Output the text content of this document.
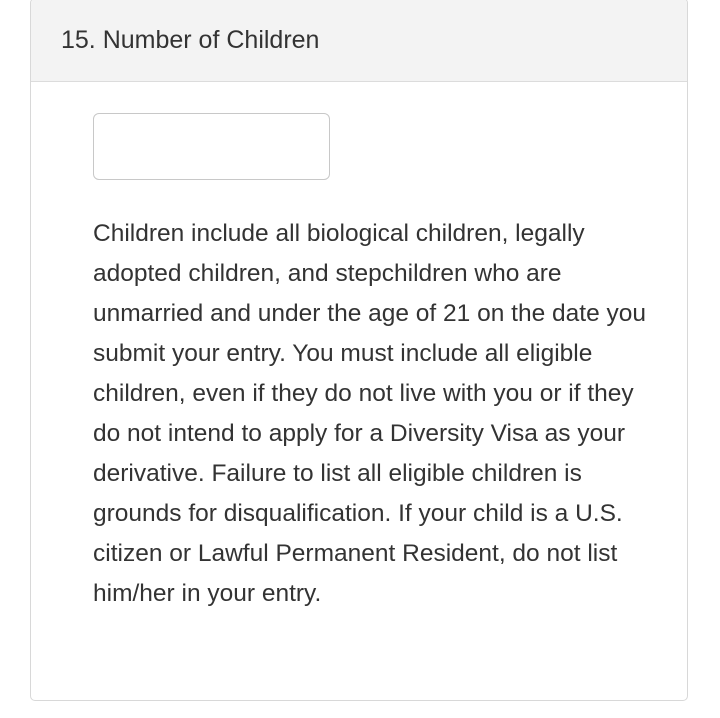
15. Number of Children

Children include all biological children, legally adopted children, and stepchildren who are unmarried and under the age of 21 on the date you submit your entry. You must include all eligible children, even if they do not live with you or if they do not intend to apply for a Diversity Visa as your derivative. Failure to list all eligible children is grounds for disqualification. If your child is a U.S. citizen or Lawful Permanent Resident, do not list him/her in your entry.
